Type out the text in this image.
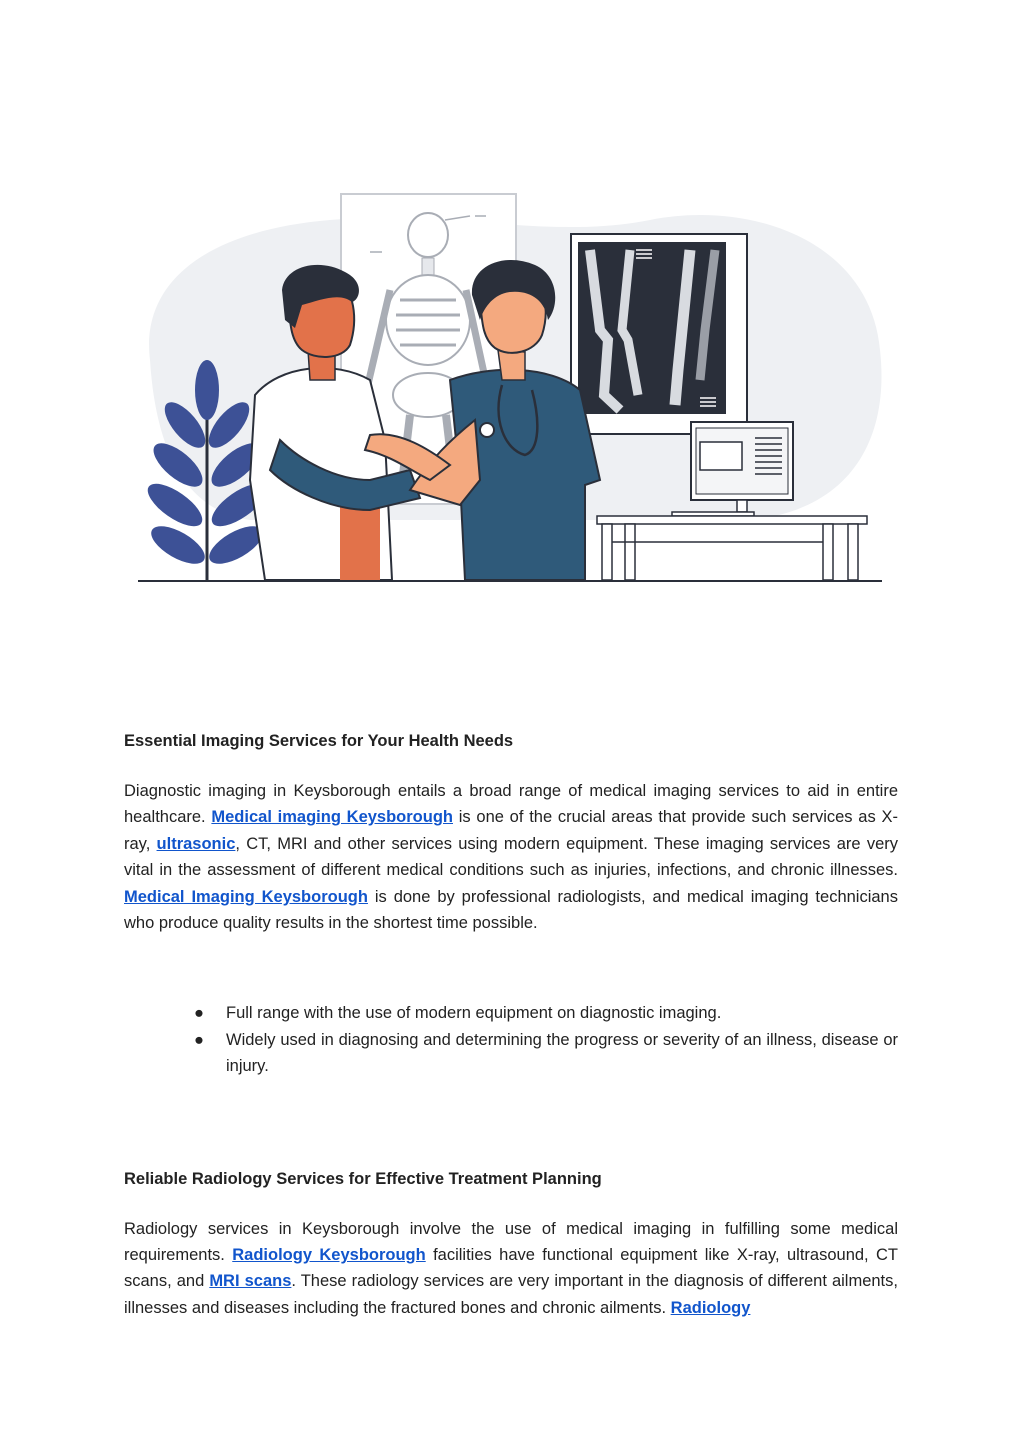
Essential Imaging Services for Your Health Needs

Diagnostic imaging in Keysborough entails a broad range of medical imaging services to aid in entire healthcare. Medical imaging Keysborough is one of the crucial areas that provide such services as X-ray, ultrasonic, CT, MRI and other services using modern equipment. These imaging services are very vital in the assessment of different medical conditions such as injuries, infections, and chronic illnesses. Medical Imaging Keysborough is done by professional radiologists, and medical imaging technicians who produce quality results in the shortest time possible.

● Full range with the use of modern equipment on diagnostic imaging.
● Widely used in diagnosing and determining the progress or severity of an illness, disease or injury.
Reliable Radiology Services for Effective Treatment Planning

Radiology services in Keysborough involve the use of medical imaging in fulfilling some medical requirements. Radiology Keysborough facilities have functional equipment like X-ray, ultrasound, CT scans, and MRI scans. These radiology services are very important in the diagnosis of different ailments, illnesses and diseases including the fractured bones and chronic ailments. Radiology
